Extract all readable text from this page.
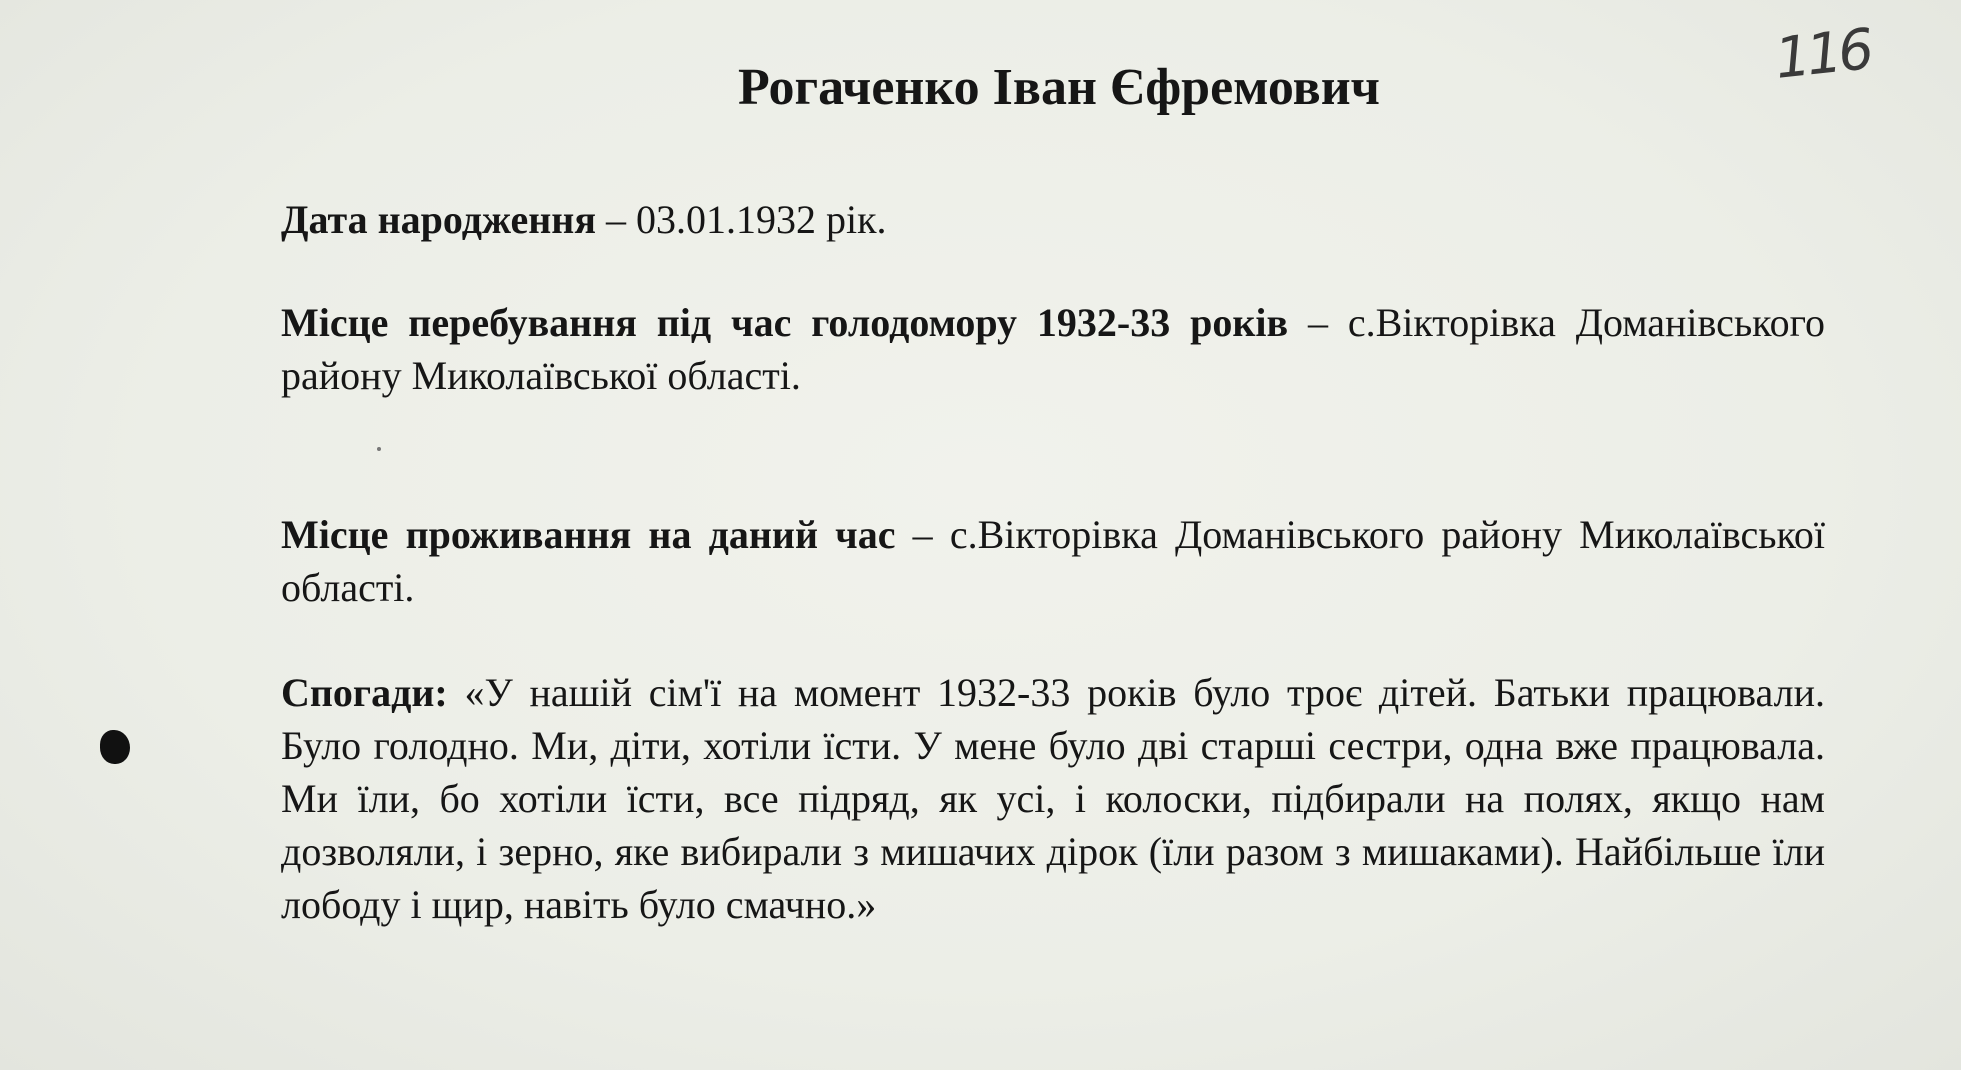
116
Рогаченко Іван Єфремович

Дата народження – 03.01.1932 рік.

Місце перебування під час голодомору 1932-33 років – с.Вікторівка Доманівського району Миколаївської області.

Місце проживання на даний час – с.Вікторівка Доманівського району Миколаївської області.

Спогади: «У нашій сім'ї на момент 1932-33 років було троє дітей. Батьки працювали. Було голодно. Ми, діти, хотіли їсти. У мене було дві старші сестри, одна вже працювала. Ми їли, бо хотіли їсти, все підряд, як усі, і колоски, підбирали на полях, якщо нам дозволяли, і зерно, яке вибирали з мишачих дірок (їли разом з мишаками). Найбільше їли лободу і щир, навіть було смачно.»
